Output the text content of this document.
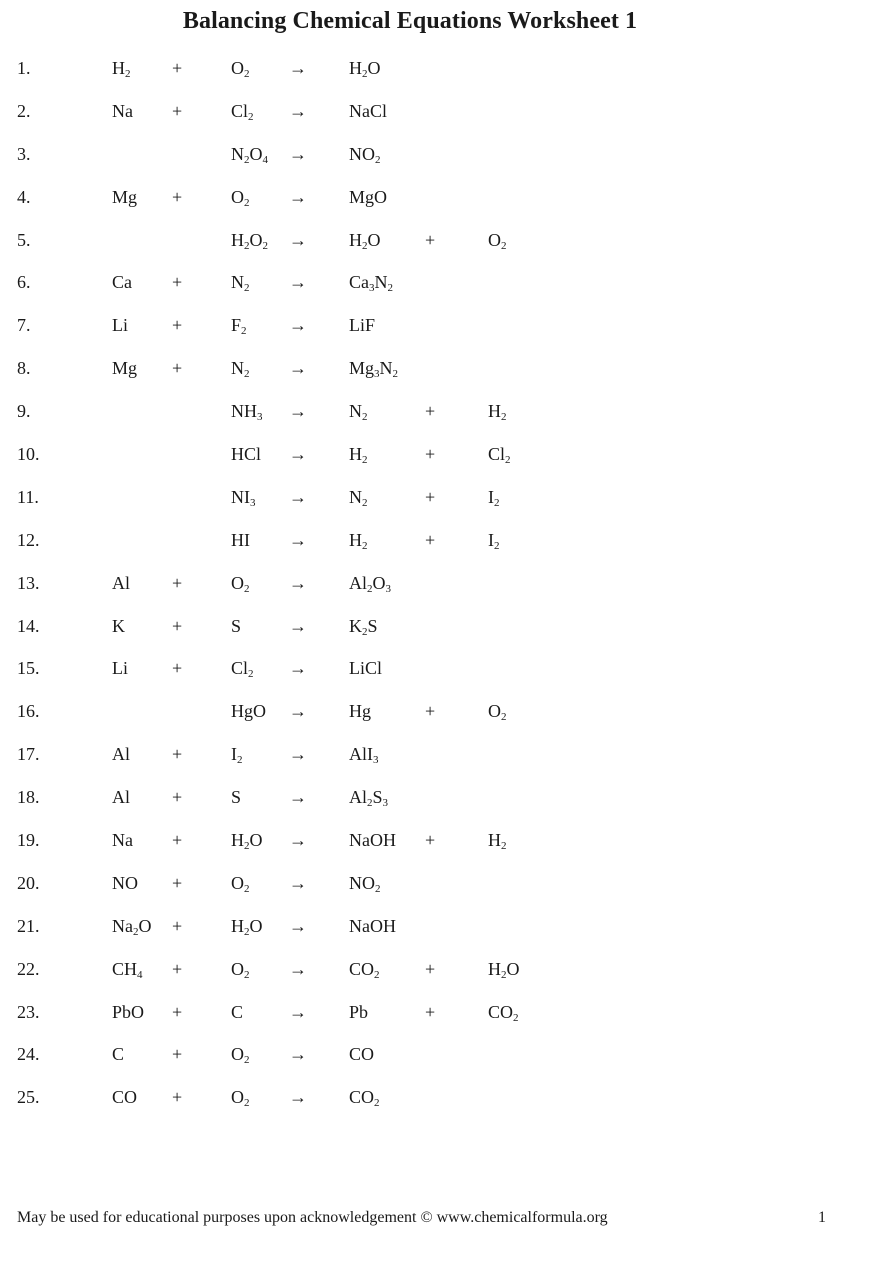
Balancing Chemical Equations Worksheet 1
1.	$H_2$ +	$O_2 \to H_2O$
2.	Na +	$Cl_2$ → NaCl
3.	$N_2O_4 \to NO_2$
4.	Mg +	$O_2$ → MgO
5.	$H_2O_2 \to H_2O$ +	$O_2$
6.	Ca +	$N_2 \to Ca_3N_2$
7.	Li +	$F_2$ → LiF
8.	Mg +	$N_2 \to Mg_3N_2$
9.	$NH_3 \to N_2$	+	$H_2$
10.	HCl → $H_2$	+	$Cl_2$
11.	$NI_3 \to N_2$	+	$I_2$
12.	HI → $H_2$	+	$I_2$
13.	Al +	$O_2 \to Al_2O_3$
14.	K	+	S	→ $K_2S$
15.	Li +	$Cl_2$ → LiCl
16.	HgO → Hg	+	$O_2$
17.	Al +	$I_2$	→ AlI$_3$
18.	Al +	S	→ $Al_2S_3$
19.	Na +	$H_2O$ → NaOH +	$H_2$
20.	NO +	$O_2 \to NO_2$
21.	$Na_2O$ +	$H_2O$ → NaOH
22.	$CH_4$ +	$O_2 \to CO_2$	+	$H_2O$
23.	PbO +	C	→ Pb	+	$CO_2$
24.	C	+	$O_2$ → CO
25.	CO +	$O_2 \to CO_2$
May be used for educational purposes upon acknowledgement © www.chemicalformula.org	1
